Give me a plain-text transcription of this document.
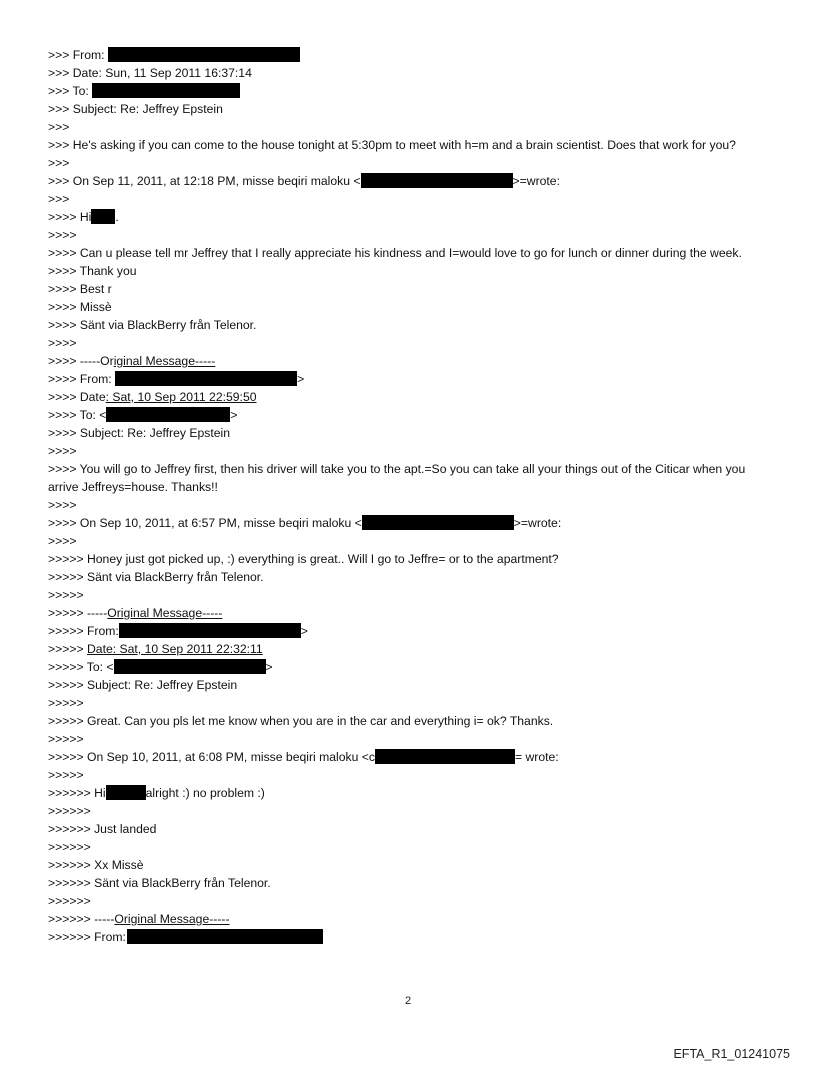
>>> From:
>>> Date: Sun, 11 Sep 2011 16:37:14
>>> To:
>>> Subject: Re: Jeffrey Epstein
>>>
>>> He's asking if you can come to the house tonight at 5:30pm to meet with h=m and a brain scientist. Does that work for you?
>>>
>>> On Sep 11, 2011, at 12:18 PM, misse beqiri maloku <	>=wrote:
>>>
>>>> Hi .
>>>>
>>>> Can u please tell mr Jeffrey that I really appreciate his kindness and I=would love to go for lunch or dinner during the week.
>>>> Thank you
>>>> Best r
>>>> Missè
>>>> Sänt via BlackBerry från Telenor.
>>>>
>>>> -----Original Message-----
>>>> From:	>
>>>> Date: Sat, 10 Sep 2011 22:59:50
>>>> To: <	>
>>>> Subject: Re: Jeffrey Epstein
>>>>
>>>> You will go to Jeffrey first, then his driver will take you to the apt.=So you can take all your things out of the Citicar when you arrive Jeffreys=house. Thanks!!
>>>>
>>>> On Sep 10, 2011, at 6:57 PM, misse beqiri maloku <	>=wrote:
>>>>
>>>>> Honey just got picked up, :) everything is great.. Will I go to Jeffre= or to the apartment?
>>>>> Sänt via BlackBerry från Telenor.
>>>>>
>>>>> -----Original Message-----
>>>>> From:	>
>>>>> Date: Sat, 10 Sep 2011 22:32:11
>>>>> To: <	>
>>>>> Subject: Re: Jeffrey Epstein
>>>>>
>>>>> Great. Can you pls let me know when you are in the car and everything i= ok? Thanks.
>>>>>
>>>>> On Sep 10, 2011, at 6:08 PM, misse beqiri maloku <c	= wrote:
>>>>>
>>>>>> Hi	alright :) no problem :)
>>>>>>
>>>>>> Just landed
>>>>>>
>>>>>> Xx Missè
>>>>>> Sänt via BlackBerry från Telenor.
>>>>>>
>>>>>> -----Original Message-----
>>>>>> From:
2
EFTA_R1_01241075
